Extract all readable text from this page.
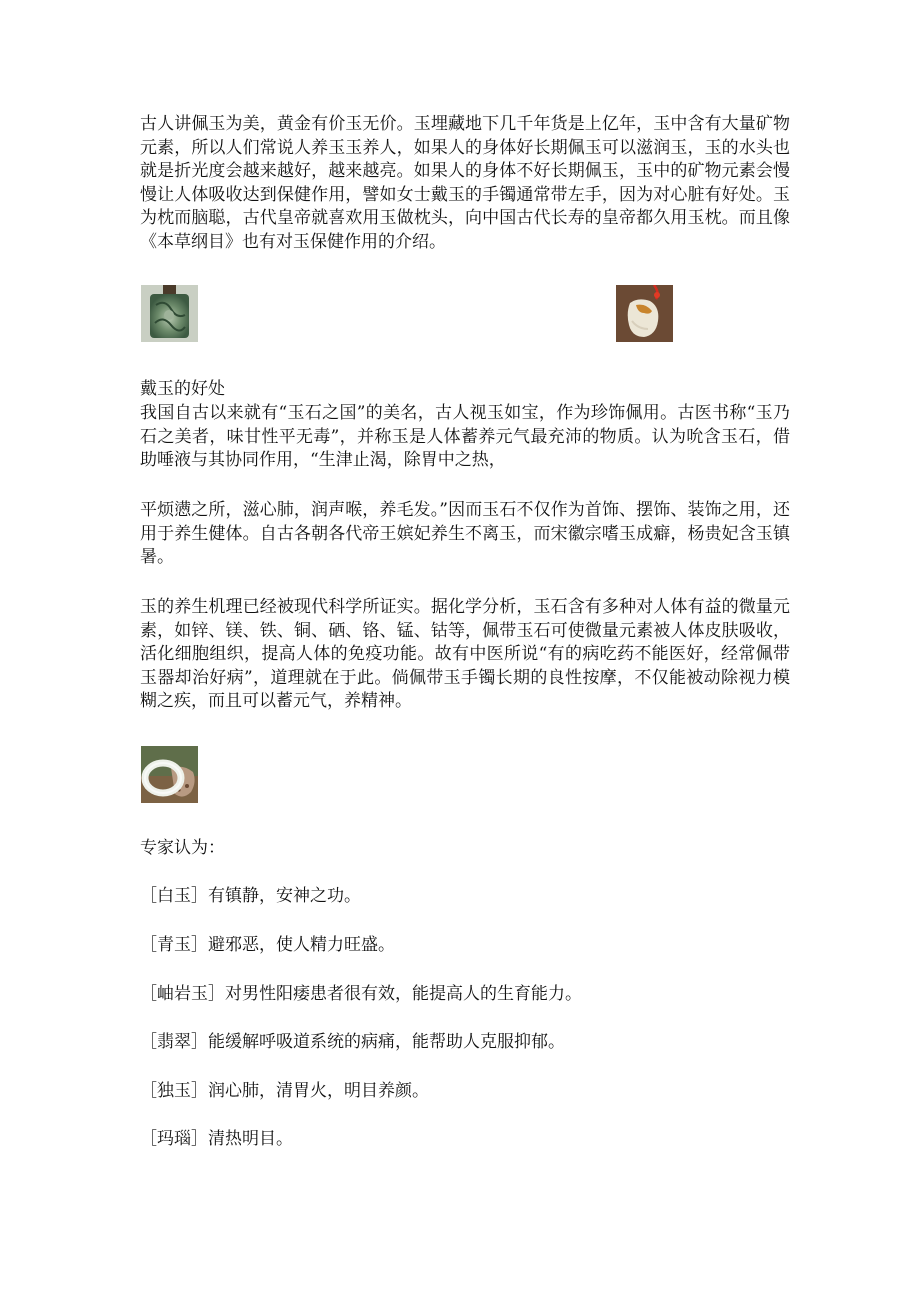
古人讲佩玉为美，黄金有价玉无价。玉埋藏地下几千年货是上亿年，玉中含有大量矿物元素，所以人们常说人养玉玉养人，如果人的身体好长期佩玉可以滋润玉，玉的水头也就是折光度会越来越好，越来越亮。如果人的身体不好长期佩玉，玉中的矿物元素会慢慢让人体吸收达到保健作用，譬如女士戴玉的手镯通常带左手，因为对心脏有好处。玉为枕而脑聪，古代皇帝就喜欢用玉做枕头，向中国古代长寿的皇帝都久用玉枕。而且像《本草纲目》也有对玉保健作用的介绍。

戴玉的好处

我国自古以来就有“玉石之国”的美名，古人视玉如宝，作为珍饰佩用。古医书称“玉乃石之美者，味甘性平无毒”，并称玉是人体蓄养元气最充沛的物质。认为吮含玉石，借助唾液与其协同作用，“生津止渴，除胃中之热，

平烦懑之所，滋心肺，润声喉，养毛发。”因而玉石不仅作为首饰、摆饰、装饰之用，还用于养生健体。自古各朝各代帝王嫔妃养生不离玉，而宋徽宗嗜玉成癖，杨贵妃含玉镇暑。

玉的养生机理已经被现代科学所证实。据化学分析，玉石含有多种对人体有益的微量元素，如锌、镁、铁、铜、硒、铬、锰、钴等，佩带玉石可使微量元素被人体皮肤吸收，活化细胞组织，提高人体的免疫功能。故有中医所说“有的病吃药不能医好，经常佩带玉器却治好病”，道理就在于此。倘佩带玉手镯长期的良性按摩，不仅能被动除视力模糊之疾，而且可以蓄元气，养精神。

专家认为：

［白玉］有镇静，安神之功。

［青玉］避邪恶，使人精力旺盛。

［岫岩玉］对男性阳痿患者很有效，能提高人的生育能力。

［翡翠］能缓解呼吸道系统的病痛，能帮助人克服抑郁。

［独玉］润心肺，清胃火，明目养颜。

［玛瑙］清热明目。
